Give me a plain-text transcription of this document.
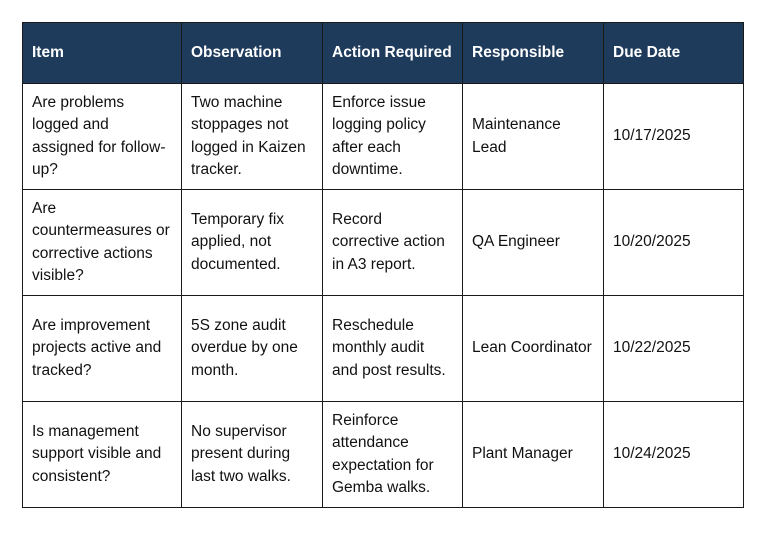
Item	Observation	Action Required	Responsible	Due Date
Are problems logged and assigned for follow-up?	Two machine stoppages not logged in Kaizen tracker.	Enforce issue logging policy after each downtime.	Maintenance Lead	10/17/2025
Are countermeasures or corrective actions visible?	Temporary fix applied, not documented.	Record corrective action in A3 report.	QA Engineer	10/20/2025
Are improvement projects active and tracked?	5S zone audit overdue by one month.	Reschedule monthly audit and post results.	Lean Coordinator	10/22/2025
Is management support visible and consistent?	No supervisor present during last two walks.	Reinforce attendance expectation for Gemba walks.	Plant Manager	10/24/2025
